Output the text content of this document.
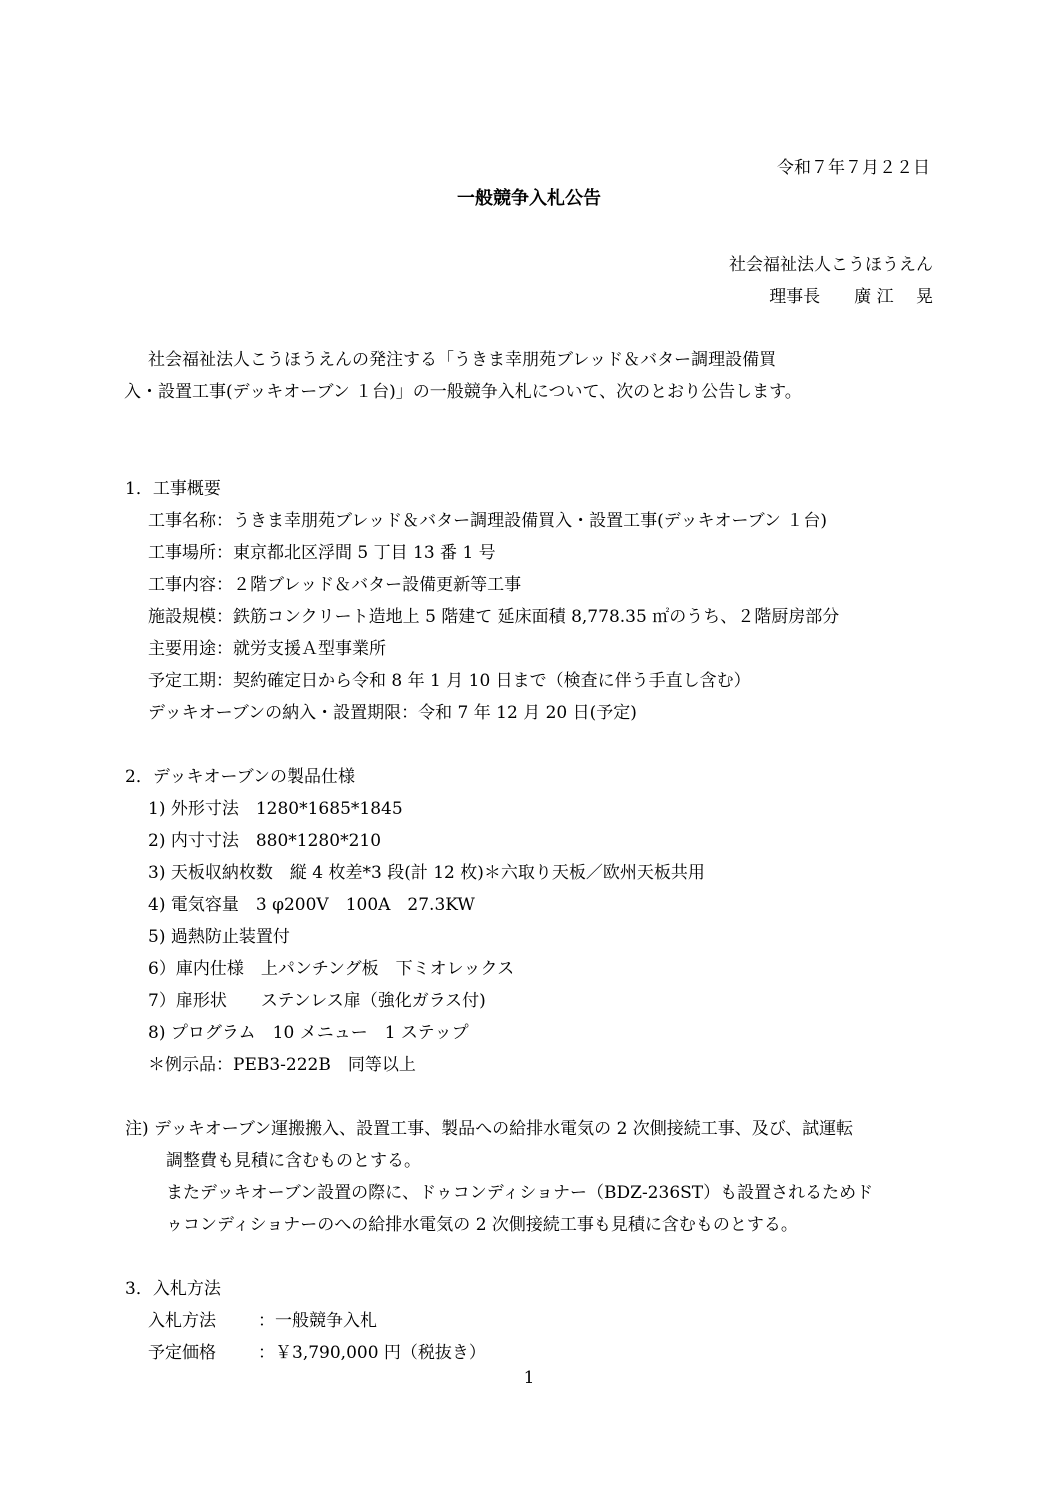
令和７年７月２２日
一般競争入札公告
社会福祉法人こうほうえん
理事長　　廣 江　 晃
社会福祉法人こうほうえんの発注する「うきま幸朋苑ブレッド＆バター調理設備買
入・設置工事(デッキオーブン １台)」の一般競争入札について、次のとおり公告します。
1．工事概要
工事名称：うきま幸朋苑ブレッド＆バター調理設備買入・設置工事(デッキオーブン １台)
工事場所：東京都北区浮間 5 丁目 13 番 1 号
工事内容：２階ブレッド＆バター設備更新等工事
施設規模：鉄筋コンクリート造地上 5 階建て 延床面積 8,778.35 ㎡のうち、２階厨房部分
主要用途：就労支援Ａ型事業所
予定工期：契約確定日から令和 8 年 1 月 10 日まで（検査に伴う手直し含む）
デッキオーブンの納入・設置期限：令和 7 年 12 月 20 日(予定)
2．デッキオーブンの製品仕様
1) 外形寸法　1280*1685*1845
2) 内寸寸法　880*1280*210
3) 天板収納枚数　縦 4 枚差*3 段(計 12 枚)＊六取り天板／欧州天板共用
4) 電気容量　3 φ200V　100A　27.3KW
5) 過熱防止装置付
6）庫内仕様　上パンチング板　下ミオレックス
7）扉形状　　ステンレス扉（強化ガラス付)
8) プログラム　10 メニュー　1 ステップ
＊例示品：PEB3-222B　同等以上
注) デッキオーブン運搬搬入、設置工事、製品への給排水電気の 2 次側接続工事、及び、試運転
調整費も見積に含むものとする。
またデッキオーブン設置の際に、ドゥコンディショナー（BDZ-236ST）も設置されるためド
ゥコンディショナーのへの給排水電気の 2 次側接続工事も見積に含むものとする。
3．入札方法
入札方法 ：一般競争入札
予定価格 ：￥3,790,000 円（税抜き）
1
